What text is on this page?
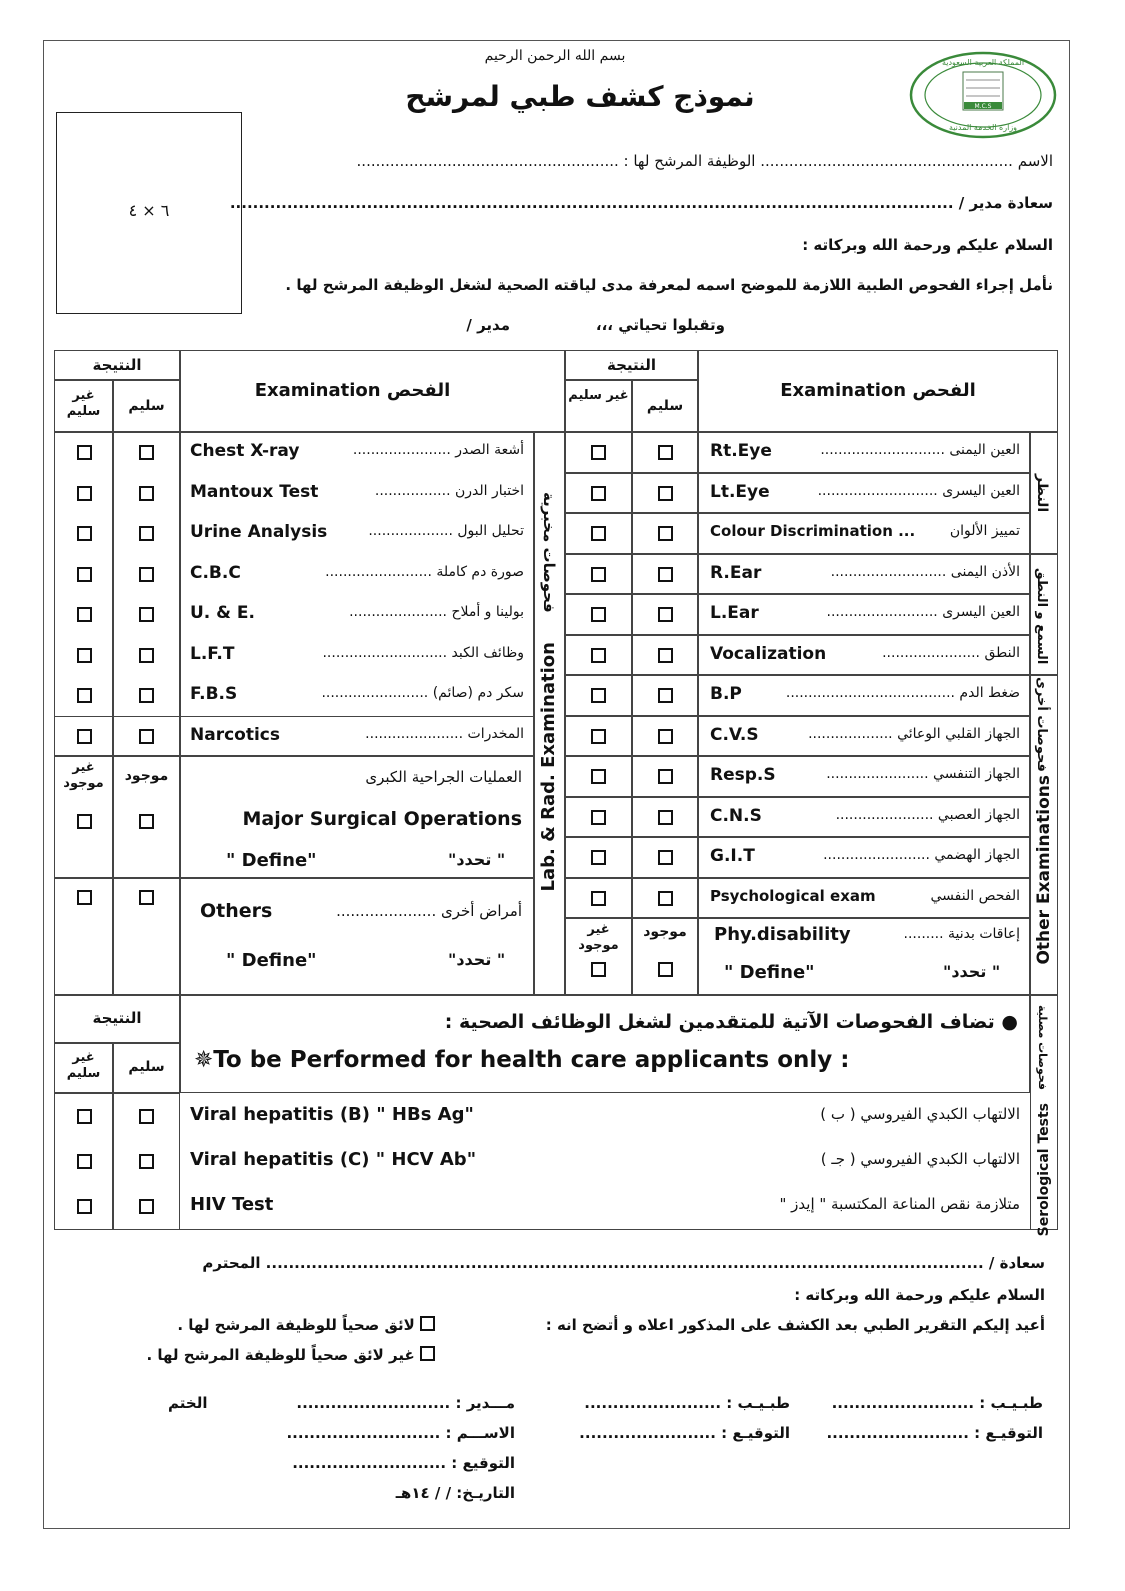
بسم الله الرحمن الرحيم
نموذج كشف طبي لمرشح	M.C.S
المملكة العربية السعودية
وزارة الخدمة المدنية
٦ × ٤
الاسم ..................................................... الوظيفة المرشح لها : .......................................................
سعادة مدير / ...............................................................................................................................
السلام عليكم ورحمة الله وبركاته :
نأمل إجراء الفحوص الطبية اللازمة للموضح اسمه لمعرفة مدى لياقته الصحية لشغل الوظيفة المرشح لها .
وتقبلوا تحياتي ،،،
مدير /
النتيجة
غير سليم	سليم
Examination الفحص
النتيجة
غير سليم
سليم
Examination الفحص
Chest X-ray	أشعة الصدر ......................
Mantoux Test	اختبار الدرن .................
Urine Analysis	تحليل البول ...................
C.B.C	صورة دم كاملة ........................
U. & E.	بولينا و أملاح ......................
L.F.T	وظائف الكبد ............................
F.B.S	سكر دم (صائم) ........................
Narcotics	المخدرات ......................
غير موجود	موجود	العمليات الجراحية الكبرى
Major Surgical Operations
" Define"	" تحدد"
Others	أمراض أخرى .....................
" Define"	" تحدد"
Lab. & Rad. Examination
فحوصات مخبرية
Rt.Eye	العين اليمنى ............................
Lt.Eye	العين اليسرى ...........................
Colour Discrimination ... تمييز الألوان
R.Ear	الأذن اليمنى ..........................
L.Ear	العين اليسرى .........................
Vocalization	النطق ......................
B.P	ضغط الدم ......................................
C.V.S	الجهاز القلبي الوعائي ...................
Resp.S	الجهاز التنفسي .......................
C.N.S	الجهاز العصبي ......................
G.I.T	الجهاز الهضمي ........................
Psychological exam	الفحص النفسي
غير موجود
موجود	Phy.disability	إعاقات بدنية .........
" Define"	" تحدد"
النظر
السمع و النطق
فحوصات أخرى
Other Examinations
النتيجة
غير سليم	سليم
● تضاف الفحوصات الآتية للمتقدمين لشغل الوظائف الصحية :
✵To be Performed for health care applicants only :
Serological Tests
فحوصات مصلية
Viral hepatitis (B) " HBs Ag"	الالتهاب الكبدي الفيروسي ( ب )
Viral hepatitis (C) " HCV Ab"	الالتهاب الكبدي الفيروسي ( جـ )
HIV Test	متلازمة نقص المناعة المكتسبة " إيدز "
سعادة / .............................................................................................................................. المحترم
السلام عليكم ورحمة الله وبركاته :
أعيد إليكم التقرير الطبي بعد الكشف على المذكور اعلاه و أتضح انه :
لائق صحياً للوظيفة المرشح لها .
غير لائق صحياً للوظيفة المرشح لها .
طبـيـب : .........................
التوقيـع : .........................
طبـيـب : ........................
التوقيـع : ........................
مـــدير : ...........................
الاســـم : ...........................
التوقيع : ...........................
التاريـخ: / / ١٤هـ
الختم
